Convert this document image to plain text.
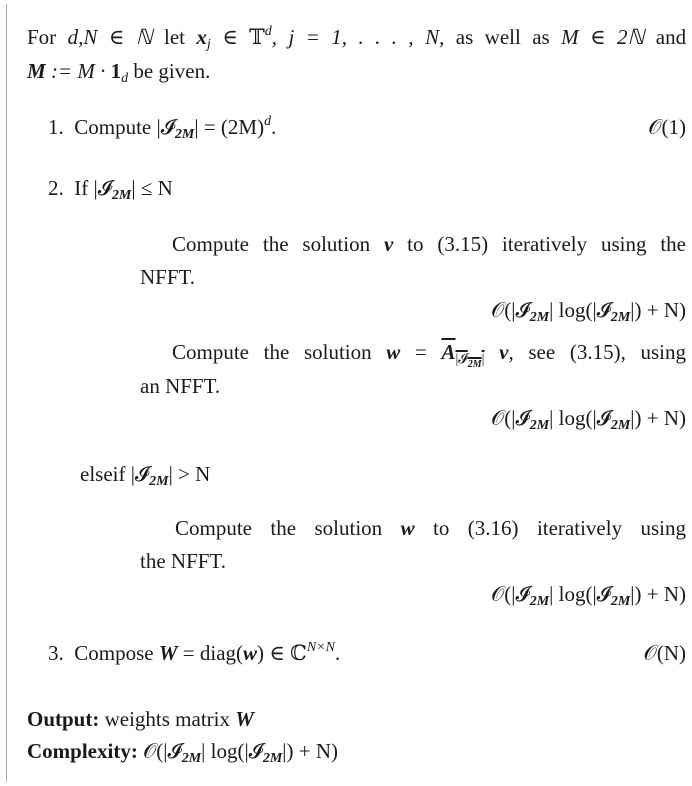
For d,N ∈ ℕ let $x_j$ ∈ 𝕋$^d$, j = 1, . . . , N, as well as M ∈ 2ℕ and
M := $M \cdot 1_d$ be given.
1. Compute |𝓘$_{2M}$| = $(2M)^d$.	𝒪(1)
2. If |𝓘$_{2M}$| ≤ N
Compute the solution v to (3.15) iteratively using the
NFFT.
𝒪(|𝓘$_{2M}$| log(|𝓘$_{2M}$|) + N)
Compute the solution $w = A_{|𝓘_{2M}|}$ v, see (3.15), using
an NFFT.
𝒪(|𝓘$_{2M}$| log(|𝓘$_{2M}$|) + N)
elseif |𝓘$_{2M}$| > N
Compute the solution w to (3.16) iteratively using
the NFFT.
𝒪(|𝓘$_{2M}$| log(|𝓘$_{2M}$|) + N)
3. Compose W = diag(w) ∈ ℂ$^{N\times N}$.	𝒪(N)
Output: weights matrix W
Complexity: 𝒪(|𝓘$_{2M}$| log(|𝓘$_{2M}$|) + N)
